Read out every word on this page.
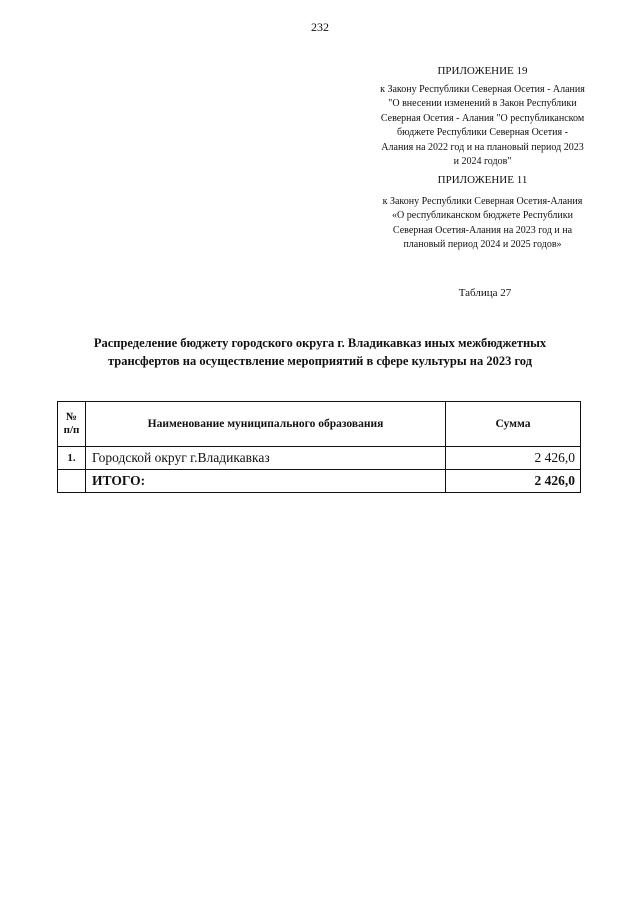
232
ПРИЛОЖЕНИЕ 19
к Закону Республики Северная Осетия - Алания "О внесении изменений в Закон Республики Северная Осетия - Алания "О республиканском бюджете Республики Северная Осетия - Алания на 2022 год и на плановый период 2023 и 2024 годов"
ПРИЛОЖЕНИЕ 11
к Закону Республики Северная Осетия-Алания «О республиканском бюджете Республики Северная Осетия-Алания на 2023 год и на плановый период 2024 и 2025 годов»
Таблица 27
Распределение бюджету городского округа г. Владикавказ иных межбюджетных трансфертов на осуществление мероприятий в сфере культуры на 2023 год
№ п/п	Наименование муниципального образования	Сумма
1.	Городской округ г.Владикавказ	2 426,0
	ИТОГО:	2 426,0
